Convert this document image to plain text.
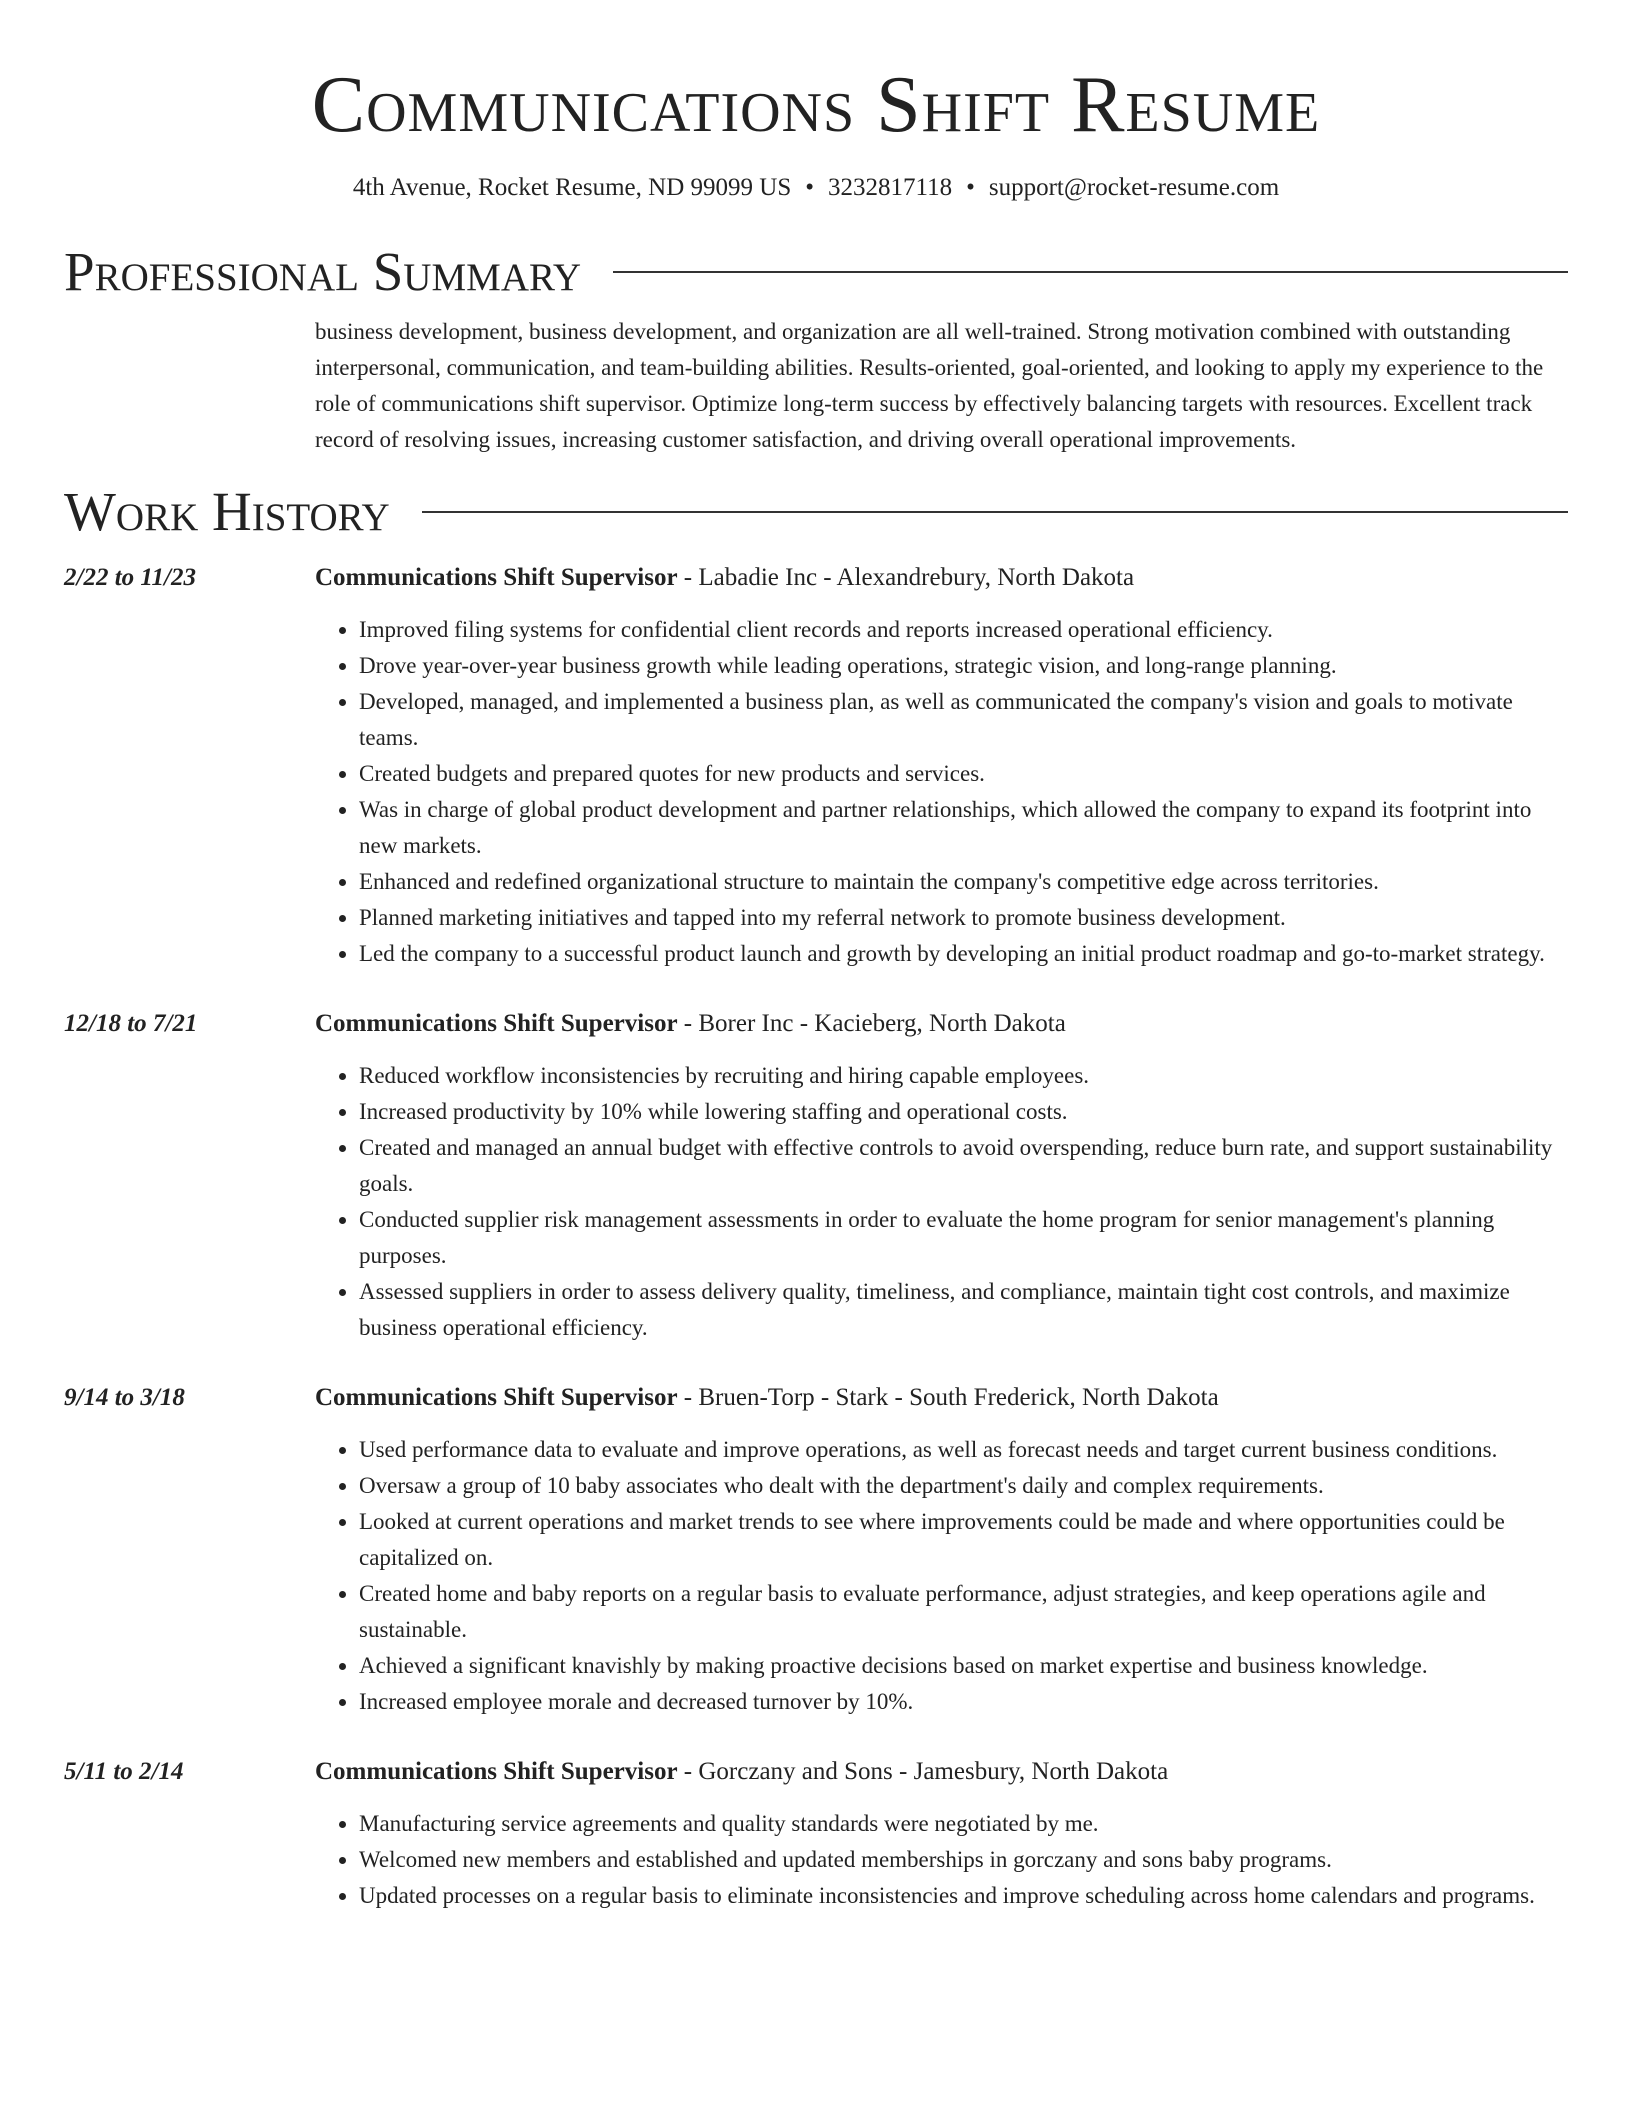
Communications Shift Resume
4th Avenue, Rocket Resume, ND 99099 US • 3232817118 • support@rocket-resume.com
Professional Summary

business development, business development, and organization are all well-trained. Strong motivation combined with outstanding interpersonal, communication, and team-building abilities. Results-oriented, goal-oriented, and looking to apply my experience to the role of communications shift supervisor. Optimize long-term success by effectively balancing targets with resources. Excellent track record of resolving issues, increasing customer satisfaction, and driving overall operational improvements.

Work History
2/22 to 11/23	Communications Shift Supervisor - Labadie Inc - Alexandrebury, North Dakota
• Improved filing systems for confidential client records and reports increased operational efficiency.
• Drove year-over-year business growth while leading operations, strategic vision, and long-range planning.
• Developed, managed, and implemented a business plan, as well as communicated the company's vision and goals to motivate teams.
• Created budgets and prepared quotes for new products and services.
• Was in charge of global product development and partner relationships, which allowed the company to expand its footprint into new markets.
• Enhanced and redefined organizational structure to maintain the company's competitive edge across territories.
• Planned marketing initiatives and tapped into my referral network to promote business development.
• Led the company to a successful product launch and growth by developing an initial product roadmap and go-to-market strategy.
12/18 to 7/21	Communications Shift Supervisor - Borer Inc - Kacieberg, North Dakota
• Reduced workflow inconsistencies by recruiting and hiring capable employees.
• Increased productivity by 10% while lowering staffing and operational costs.
• Created and managed an annual budget with effective controls to avoid overspending, reduce burn rate, and support sustainability goals.
• Conducted supplier risk management assessments in order to evaluate the home program for senior management's planning purposes.
• Assessed suppliers in order to assess delivery quality, timeliness, and compliance, maintain tight cost controls, and maximize business operational efficiency.
9/14 to 3/18	Communications Shift Supervisor - Bruen-Torp - Stark - South Frederick, North Dakota
• Used performance data to evaluate and improve operations, as well as forecast needs and target current business conditions.
• Oversaw a group of 10 baby associates who dealt with the department's daily and complex requirements.
• Looked at current operations and market trends to see where improvements could be made and where opportunities could be capitalized on.
• Created home and baby reports on a regular basis to evaluate performance, adjust strategies, and keep operations agile and sustainable.
• Achieved a significant knavishly by making proactive decisions based on market expertise and business knowledge.
• Increased employee morale and decreased turnover by 10%.
5/11 to 2/14	Communications Shift Supervisor - Gorczany and Sons - Jamesbury, North Dakota
• Manufacturing service agreements and quality standards were negotiated by me.
• Welcomed new members and established and updated memberships in gorczany and sons baby programs.
• Updated processes on a regular basis to eliminate inconsistencies and improve scheduling across home calendars and programs.
